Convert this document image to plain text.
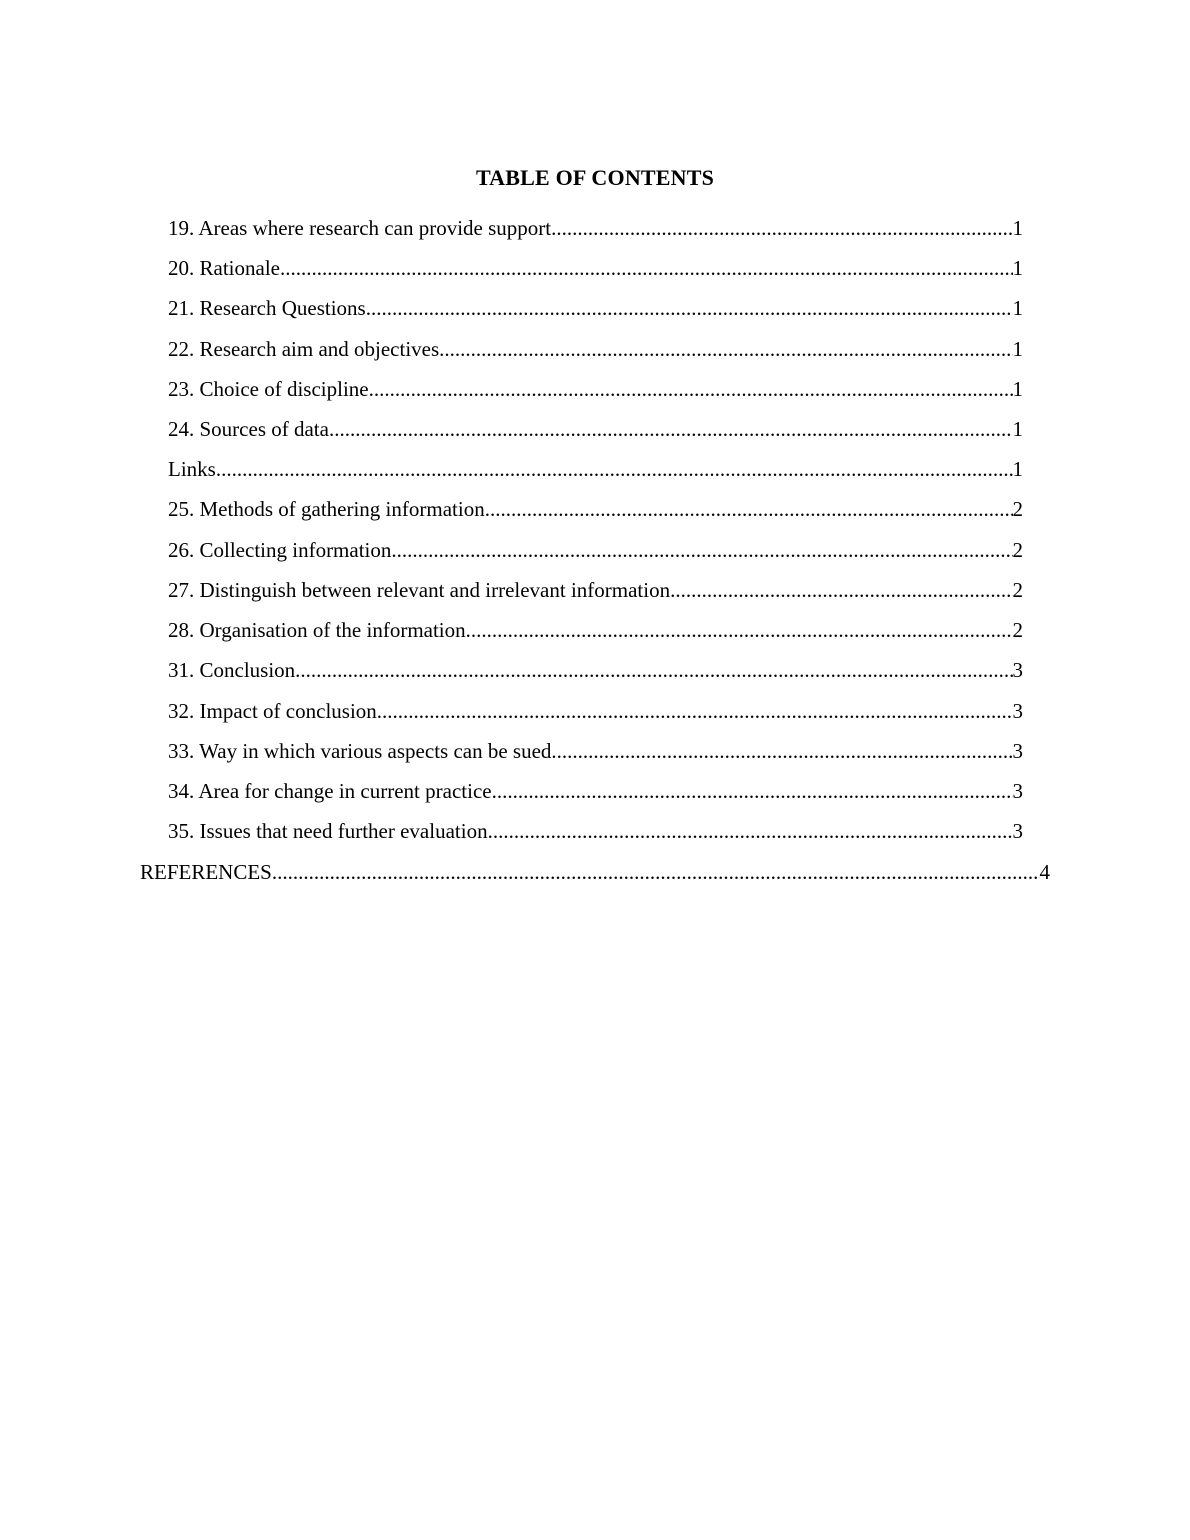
TABLE OF CONTENTS
19. Areas where research can provide support .....	1
20. Rationale .....	1
21. Research Questions .....	1
22. Research aim and objectives .....	1
23. Choice of discipline .....	1
24. Sources of data .....	1
Links .....	1
25. Methods of gathering information .....	2
26. Collecting information .....	2
27. Distinguish between relevant and irrelevant information .....	2
28. Organisation of the information .....	2
31. Conclusion .....	3
32. Impact of conclusion .....	3
33. Way in which various aspects can be sued .....	3
34. Area for change in current practice .....	3
35. Issues that need further evaluation .....	3
REFERENCES .....	4
